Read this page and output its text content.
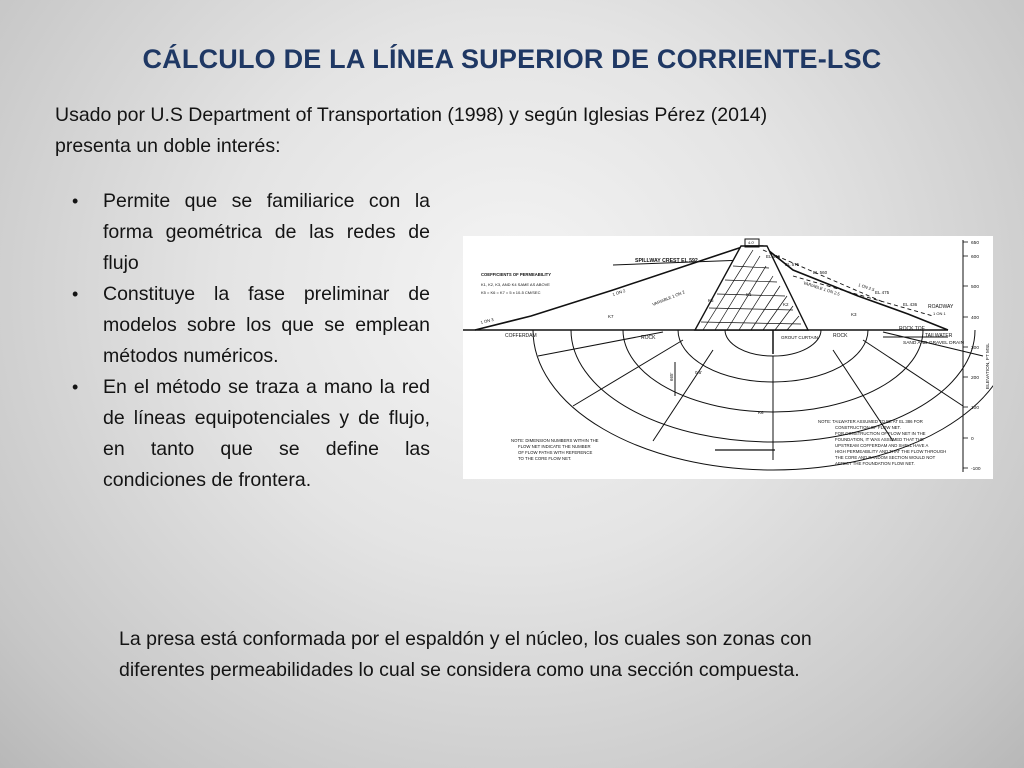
CÁLCULO DE LA LÍNEA SUPERIOR DE CORRIENTE-LSC
Usado por U.S Department of Transportation (1998) y según Iglesias Pérez (2014)
presenta un doble interés:
• Permite que se familiarice con la forma geométrica de las redes de flujo
• Constituye la fase preliminar de modelos sobre los que se emplean métodos numéricos.
• En el método se traza a mano la red de líneas equipotenciales y de flujo, en tanto que se define las condiciones de frontera.
SPILLWAY CREST EL 592
COEFFICIENTS OF PERMEABILITY
K1, K2, K3, AND K4 SAME AS ABOVE
K5 = K6 = K7 = 5 x 10-5 CM/SEC
COFFERDAM	ROCK	ROCK
GROUT CURTAIN
ROCK TOE
TAILWATER
SAND AND GRAVEL DRAIN
ROADWAY
1 ON 1
EL 616
EL 575
EL 560
EL 475
EL 436
4.0'
665'
0.5'
1 ON 2	VARIABLE 1 ON 2
VARIABLE 1 ON 2.5	1 ON 2.5
1 ON 3
K7
K5
K1
K2
K3
K6
NOTE: DIMENSION NUMBERS WITHIN THE
FLOW NET INDICATE THE NUMBER
OF FLOW PATHS WITH REFERENCE
TO THE CORE FLOW NET.
NOTE: TAILWATER ASSUMED TO BE AT EL 386 FOR
CONSTRUCTION OF FLOW NET.
FOR CONSTRUCTION OF FLOW NET IN THE
FOUNDATION, IT WAS ASSUMED THAT THE
UPSTREAM COFFERDAM AND SHELL HAVE A
HIGH PERMEABILITY AND THAT THE FLOW THROUGH
THE CORE AND RANDOM SECTION WOULD NOT
AFFECT THE FOUNDATION FLOW NET.
650
600
500
400
300
200
100
0
-100
ELEVATION, FT MSL
La presa está conformada por el espaldón y el núcleo, los cuales son zonas con
diferentes permeabilidades lo cual se considera como una sección compuesta.
